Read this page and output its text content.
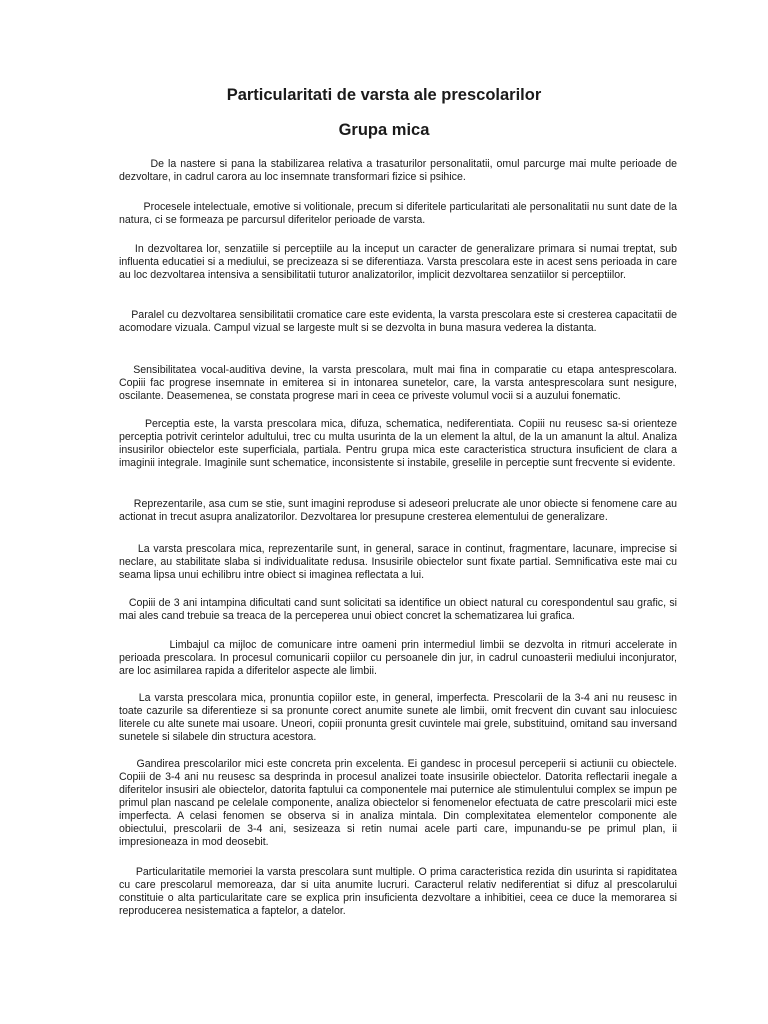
Particularitati de varsta ale prescolarilor
Grupa mica

De la nastere si pana la stabilizarea relativa a trasaturilor personalitatii, omul parcurge mai multe perioade de dezvoltare, in cadrul carora au loc insemnate transformari fizice si psihice.

Procesele intelectuale, emotive si volitionale, precum si diferitele particularitati ale personalitatii nu sunt date de la natura, ci se formeaza pe parcursul diferitelor perioade de varsta.

In dezvoltarea lor, senzatiile si perceptiile au la inceput un caracter de generalizare primara si numai treptat, sub influenta educatiei si a mediului, se precizeaza si se diferentiaza. Varsta prescolara este in acest sens perioada in care au loc dezvoltarea intensiva a sensibilitatii tuturor analizatorilor, implicit dezvoltarea senzatiilor si perceptiilor.

Paralel cu dezvoltarea sensibilitatii cromatice care este evidenta, la varsta prescolara este si cresterea capacitatii de acomodare vizuala. Campul vizual se largeste mult si se dezvolta in buna masura vederea la distanta.

Sensibilitatea vocal-auditiva devine, la varsta prescolara, mult mai fina in comparatie cu etapa antesprescolara. Copiii fac progrese insemnate in emiterea si in intonarea sunetelor, care, la varsta antesprescolara sunt nesigure, oscilante. Deasemenea, se constata progrese mari in ceea ce priveste volumul vocii si a auzului fonematic.

Perceptia este, la varsta prescolara mica, difuza, schematica, nediferentiata. Copiii nu reusesc sa-si orienteze perceptia potrivit cerintelor adultului, trec cu multa usurinta de la un element la altul, de la un amanunt la altul. Analiza insusirilor obiectelor este superficiala, partiala. Pentru grupa mica este caracteristica structura insuficient de clara a imaginii integrale. Imaginile sunt schematice, inconsistente si instabile, greselile in perceptie sunt frecvente si evidente.

Reprezentarile, asa cum se stie, sunt imagini reproduse si adeseori prelucrate ale unor obiecte si fenomene care au actionat in trecut asupra analizatorilor. Dezvoltarea lor presupune cresterea elementului de generalizare.

La varsta prescolara mica, reprezentarile sunt, in general, sarace in continut, fragmentare, lacunare, imprecise si neclare, au stabilitate slaba si individualitate redusa. Insusirile obiectelor sunt fixate partial. Semnificativa este mai cu seama lipsa unui echilibru intre obiect si imaginea reflectata a lui.

Copiii de 3 ani intampina dificultati cand sunt solicitati sa identifice un obiect natural cu corespondentul sau grafic, si mai ales cand trebuie sa treaca de la perceperea unui obiect concret la schematizarea lui grafica.

Limbajul ca mijloc de comunicare intre oameni prin intermediul limbii se dezvolta in ritmuri accelerate in perioada prescolara. In procesul comunicarii copiilor cu persoanele din jur, in cadrul cunoasterii mediului inconjurator, are loc asimilarea rapida a diferitelor aspecte ale limbii.

La varsta prescolara mica, pronuntia copiilor este, in general, imperfecta. Prescolarii de la 3-4 ani nu reusesc in toate cazurile sa diferentieze si sa pronunte corect anumite sunete ale limbii, omit frecvent din cuvant sau inlocuiesc literele cu alte sunete mai usoare. Uneori, copiii pronunta gresit cuvintele mai grele, substituind, omitand sau inversand sunetele si silabele din structura acestora.

Gandirea prescolarilor mici este concreta prin excelenta. Ei gandesc in procesul perceperii si actiunii cu obiectele. Copiii de 3-4 ani nu reusesc sa desprinda in procesul analizei toate insusirile obiectelor. Datorita reflectarii inegale a diferitelor insusiri ale obiectelor, datorita faptului ca componentele mai puternice ale stimulentului complex se impun pe primul plan nascand pe celelale componente, analiza obiectelor si fenomenelor efectuata de catre prescolarii mici este imperfecta. A celasi fenomen se observa si in analiza mintala. Din complexitatea elementelor componente ale obiectului, prescolarii de 3-4 ani, sesizeaza si retin numai acele parti care, impunandu-se pe primul plan, ii impresioneaza in mod deosebit.

Particularitatile memoriei la varsta prescolara sunt multiple. O prima caracteristica rezida din usurinta si rapiditatea cu care prescolarul memoreaza, dar si uita anumite lucruri. Caracterul relativ nediferentiat si difuz al prescolarului constituie o alta particularitate care se explica prin insuficienta dezvoltare a inhibitiei, ceea ce duce la memorarea si reproducerea nesistematica a faptelor, a datelor.
